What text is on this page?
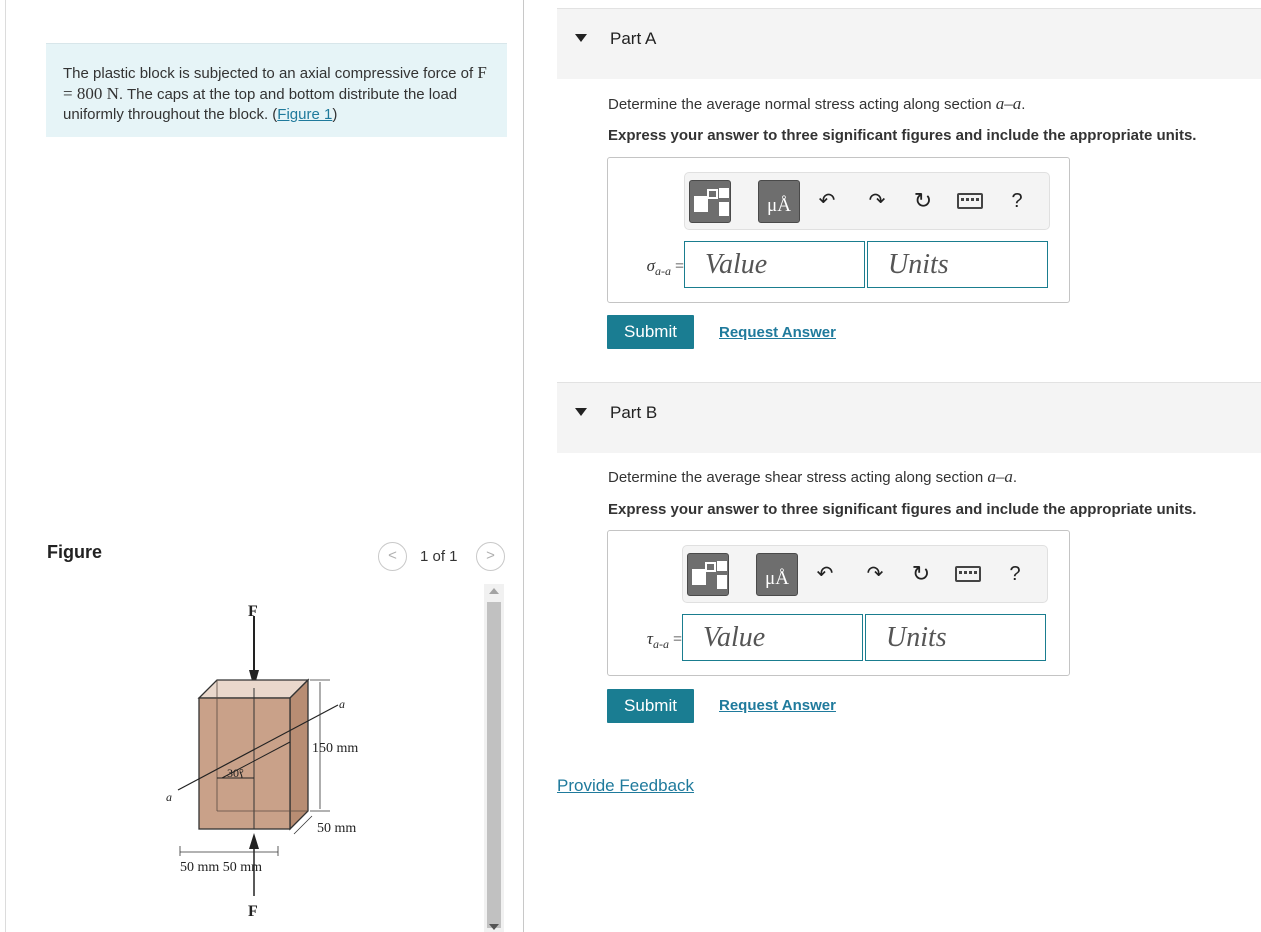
The plastic block is subjected to an axial compressive force of F = 800 N. The caps at the top and bottom distribute the load uniformly throughout the block. (Figure 1)
Figure	<	1 of 1	>
30°
a
a
150 mm
50 mm
50 mm 50 mm
F
F
Part A
Determine the average normal stress acting along section a–a.
Express your answer to three significant figures and include the appropriate units.
μÅ	↶ ↷ ↻	?
$\sigma_{a-a}$ = Value	Units
Submit	Request Answer
Part B
Determine the average shear stress acting along section a–a.
Express your answer to three significant figures and include the appropriate units.
μÅ	↶ ↷ ↻	?
$\tau_{a-a}$ = Value	Units
Submit	Request Answer
Provide Feedback
